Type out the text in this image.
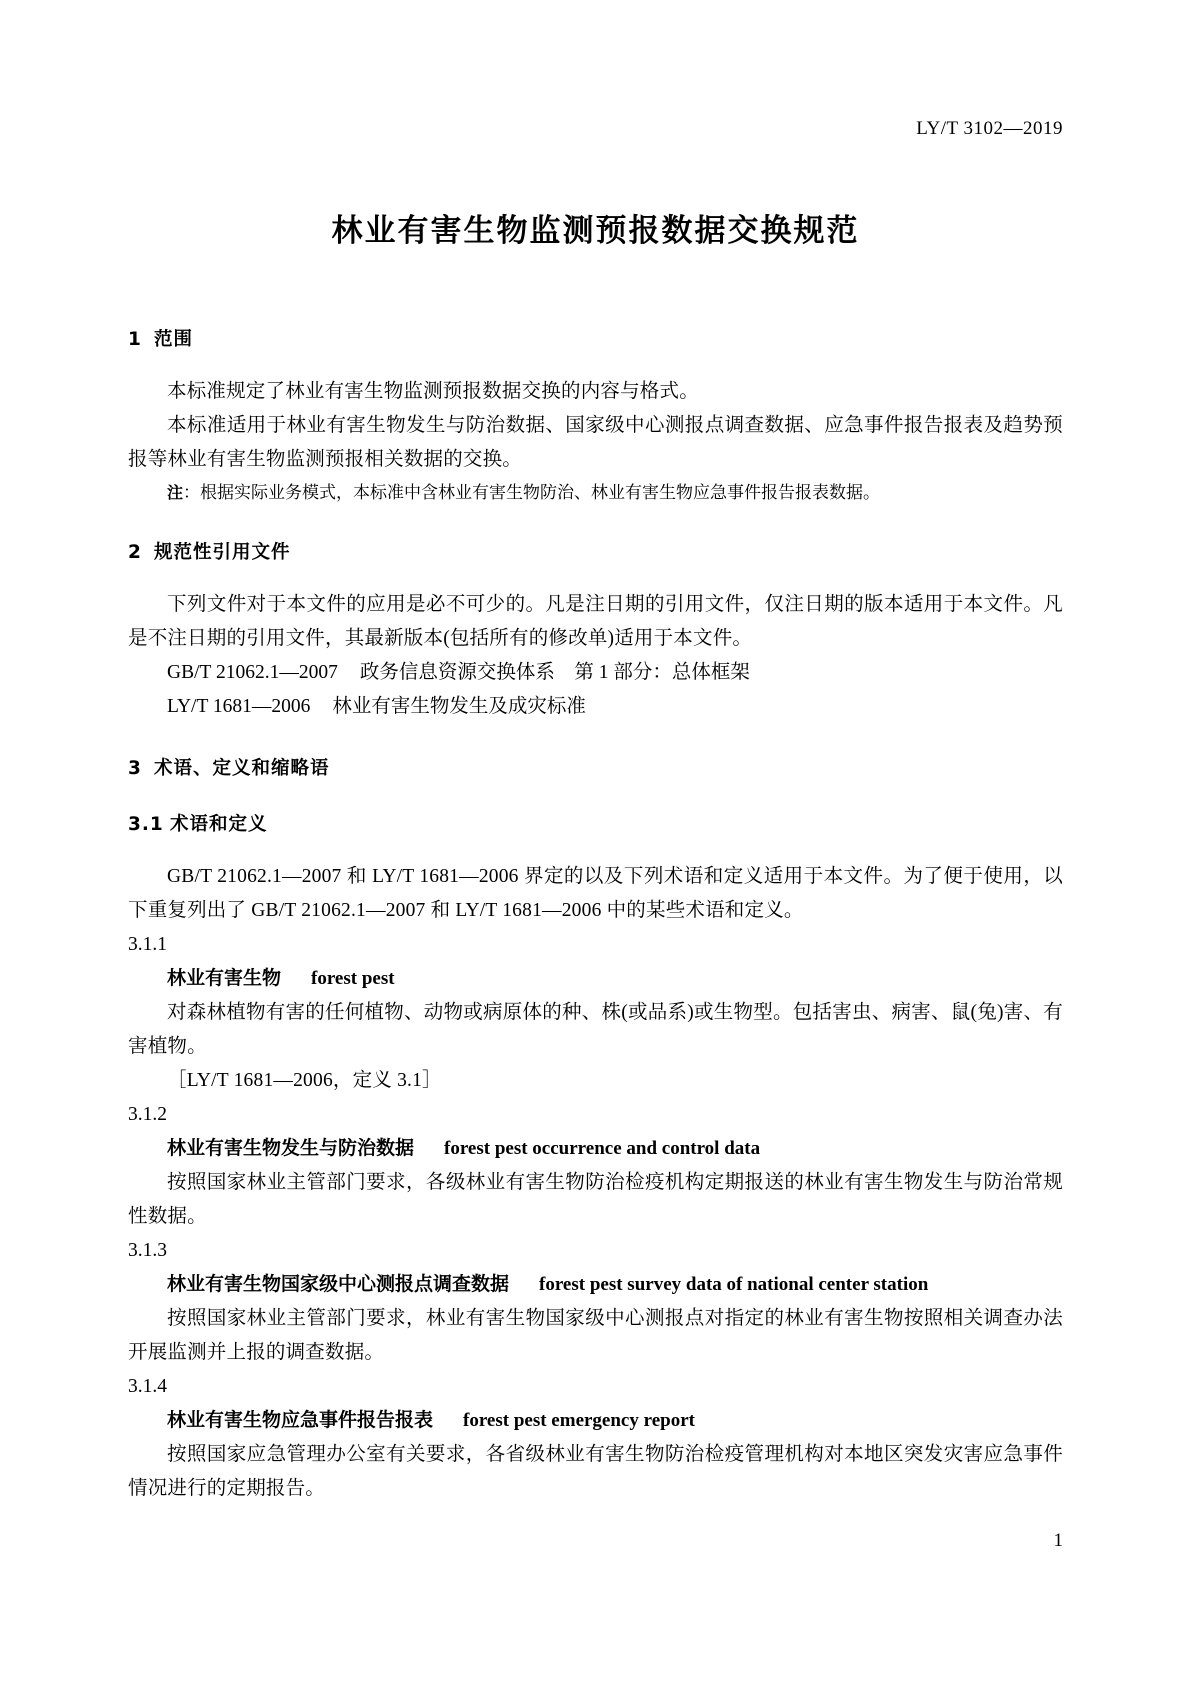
LY/T 3102—2019
林业有害生物监测预报数据交换规范
1 范围

本标准规定了林业有害生物监测预报数据交换的内容与格式。

本标准适用于林业有害生物发生与防治数据、国家级中心测报点调查数据、应急事件报告报表及趋势预报等林业有害生物监测预报相关数据的交换。

注：根据实际业务模式，本标准中含林业有害生物防治、林业有害生物应急事件报告报表数据。

2 规范性引用文件

下列文件对于本文件的应用是必不可少的。凡是注日期的引用文件，仅注日期的版本适用于本文件。凡是不注日期的引用文件，其最新版本(包括所有的修改单)适用于本文件。

GB/T 21062.1—2007 政务信息资源交换体系　第 1 部分：总体框架

LY/T 1681—2006 林业有害生物发生及成灾标准

3 术语、定义和缩略语
3.1 术语和定义

GB/T 21062.1—2007 和 LY/T 1681—2006 界定的以及下列术语和定义适用于本文件。为了便于使用，以下重复列出了 GB/T 21062.1—2007 和 LY/T 1681—2006 中的某些术语和定义。

3.1.1

林业有害生物 forest pest

对森林植物有害的任何植物、动物或病原体的种、株(或品系)或生物型。包括害虫、病害、鼠(兔)害、有害植物。

［LY/T 1681—2006，定义 3.1］

3.1.2

林业有害生物发生与防治数据 forest pest occurrence and control data

按照国家林业主管部门要求，各级林业有害生物防治检疫机构定期报送的林业有害生物发生与防治常规性数据。

3.1.3

林业有害生物国家级中心测报点调查数据 forest pest survey data of national center station

按照国家林业主管部门要求，林业有害生物国家级中心测报点对指定的林业有害生物按照相关调查办法开展监测并上报的调查数据。

3.1.4

林业有害生物应急事件报告报表 forest pest emergency report

按照国家应急管理办公室有关要求，各省级林业有害生物防治检疫管理机构对本地区突发灾害应急事件情况进行的定期报告。

1
